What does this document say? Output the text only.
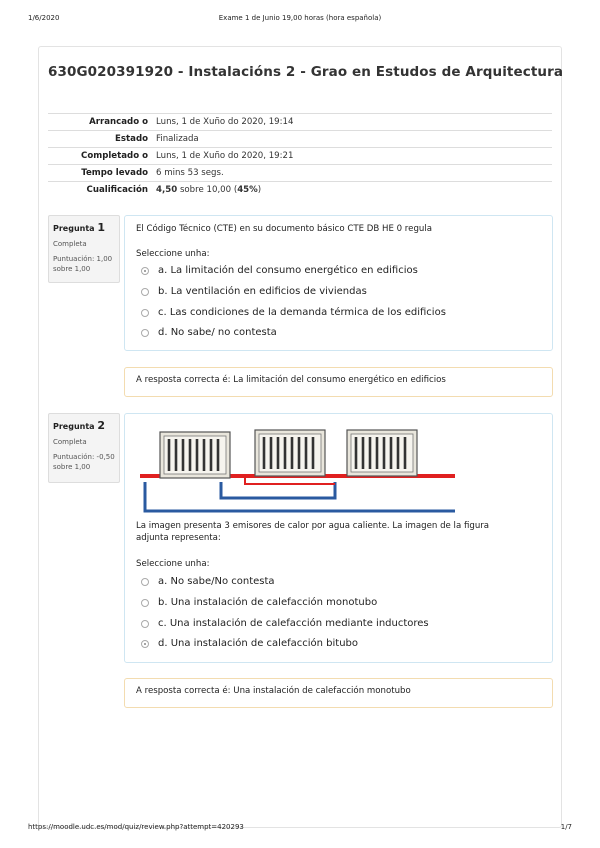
1/6/2020	Exame 1 de Junio 19,00 horas (hora española)
630G020391920 - Instalacións 2 - Grao en Estudos de Arquitectura
Arrancado o	Luns, 1 de Xuño do 2020, 19:14
Estado	Finalizada
Completado o	Luns, 1 de Xuño do 2020, 19:21
Tempo levado	6 mins 53 segs.
Cualificación	4,50 sobre 10,00 (45%)
Pregunta 1
Completa
Puntuación: 1,00 sobre 1,00
El Código Técnico (CTE) en su documento básico CTE DB HE 0 regula
Seleccione unha:
a. La limitación del consumo energético en edificios
b. La ventilación en edificios de viviendas
c. Las condiciones de la demanda térmica de los edificios
d. No sabe/ no contesta
A resposta correcta é: La limitación del consumo energético en edificios
Pregunta 2
Completa
Puntuación: -0,50 sobre 1,00
La imagen presenta 3 emisores de calor por agua caliente. La imagen de la figura adjunta representa:
Seleccione unha:
a. No sabe/No contesta
b. Una instalación de calefacción monotubo
c. Una instalación de calefacción mediante inductores
d. Una instalación de calefacción bitubo
A resposta correcta é: Una instalación de calefacción monotubo
https://moodle.udc.es/mod/quiz/review.php?attempt=420293	1/7
